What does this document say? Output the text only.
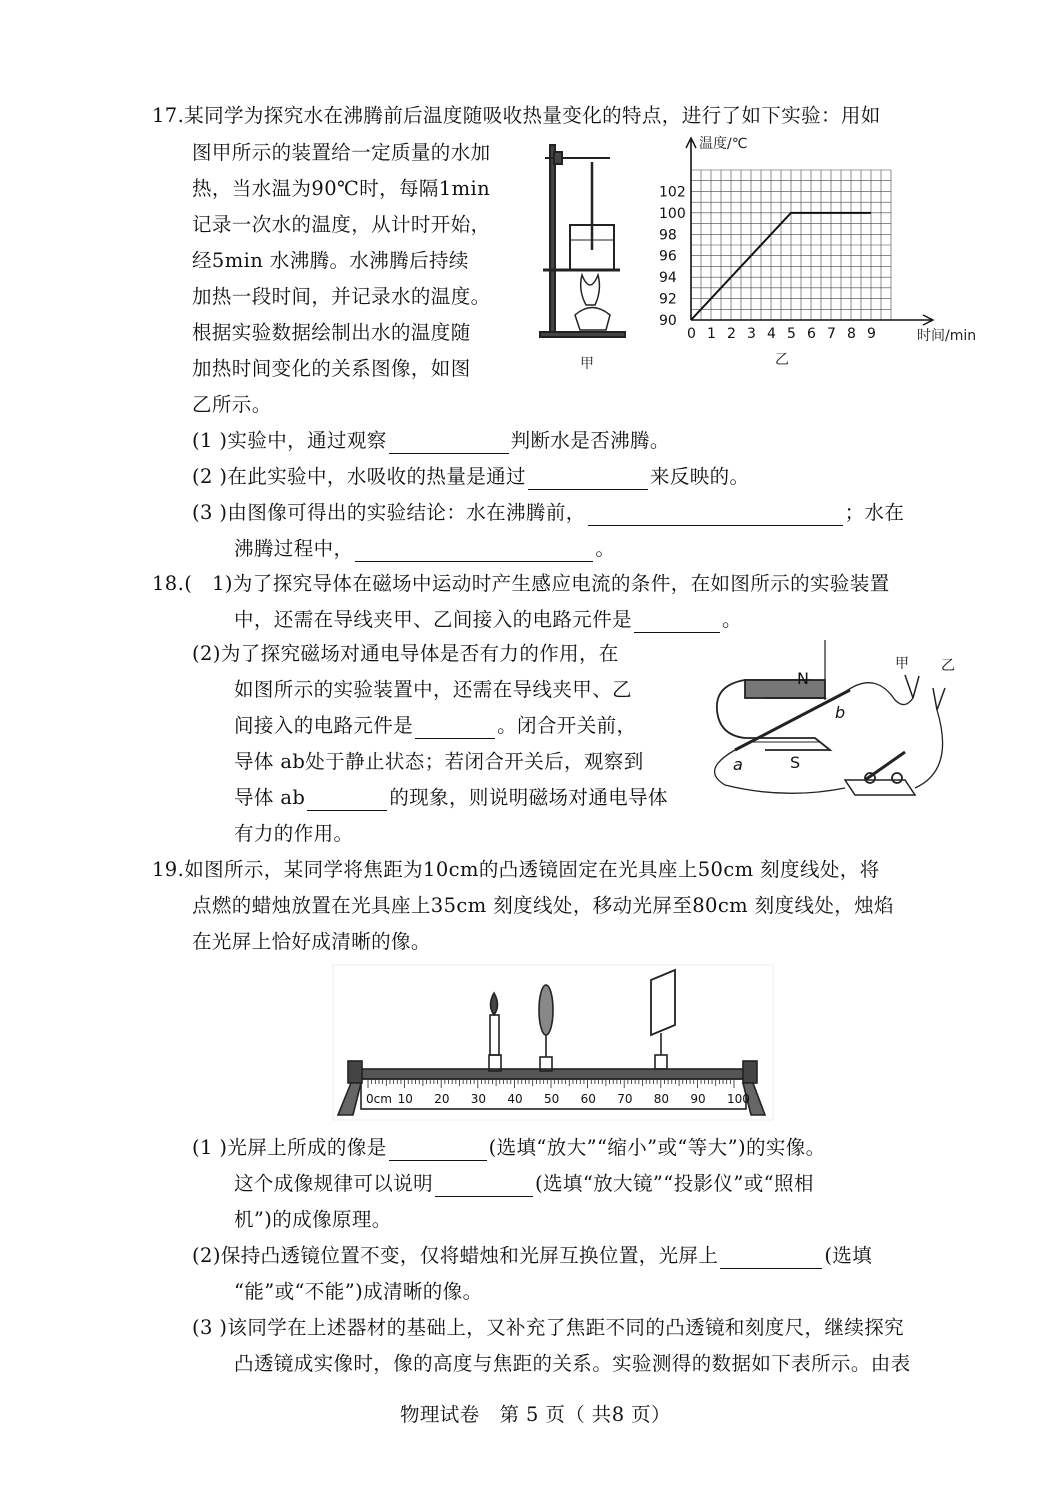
17.某同学为探究水在沸腾前后温度随吸收热量变化的特点，进行了如下实验：用如
图甲所示的装置给一定质量的水加
热，当水温为90℃时，每隔1min
记录一次水的温度，从计时开始，
经5min 水沸腾。水沸腾后持续
加热一段时间，并记录水的温度。
根据实验数据绘制出水的温度随
加热时间变化的关系图像，如图
乙所示。
甲
0 1 2 3 4 5 6 7 8 9
90
92
94
96
98
100
102
温度/℃
时间/min
乙
(1 )实验中，通过观察	判断水是否沸腾。
(2 )在此实验中，水吸收的热量是通过	来反映的。
(3 )由图像可得出的实验结论：水在沸腾前，	；水在
沸腾过程中，	。
18.(　1)为了探究导体在磁场中运动时产生感应电流的条件，在如图所示的实验装置
中，还需在导线夹甲、乙间接入的电路元件是	。
(2)为了探究磁场对通电导体是否有力的作用，在
如图所示的实验装置中，还需在导线夹甲、乙
间接入的电路元件是	。闭合开关前，
导体 ab处于静止状态；若闭合开关后，观察到
导体 ab	的现象，则说明磁场对通电导体
有力的作用。
N
S
a
b
甲 乙
19.如图所示，某同学将焦距为10cm的凸透镜固定在光具座上50cm 刻度线处，将
点燃的蜡烛放置在光具座上35cm 刻度线处，移动光屏至80cm 刻度线处，烛焰
在光屏上恰好成清晰的像。
0cm 10 20 30 40 50 60 70 80 90 100
(1 )光屏上所成的像是	(选填“放大”“缩小”或“等大”)的实像。
这个成像规律可以说明	(选填“放大镜”“投影仪”或“照相
机”)的成像原理。
(2)保持凸透镜位置不变，仅将蜡烛和光屏互换位置，光屏上	(选填
“能”或“不能”)成清晰的像。
(3 )该同学在上述器材的基础上，又补充了焦距不同的凸透镜和刻度尺，继续探究
凸透镜成实像时，像的高度与焦距的关系。实验测得的数据如下表所示。由表
物理试卷　第 5 页（ 共8 页）
